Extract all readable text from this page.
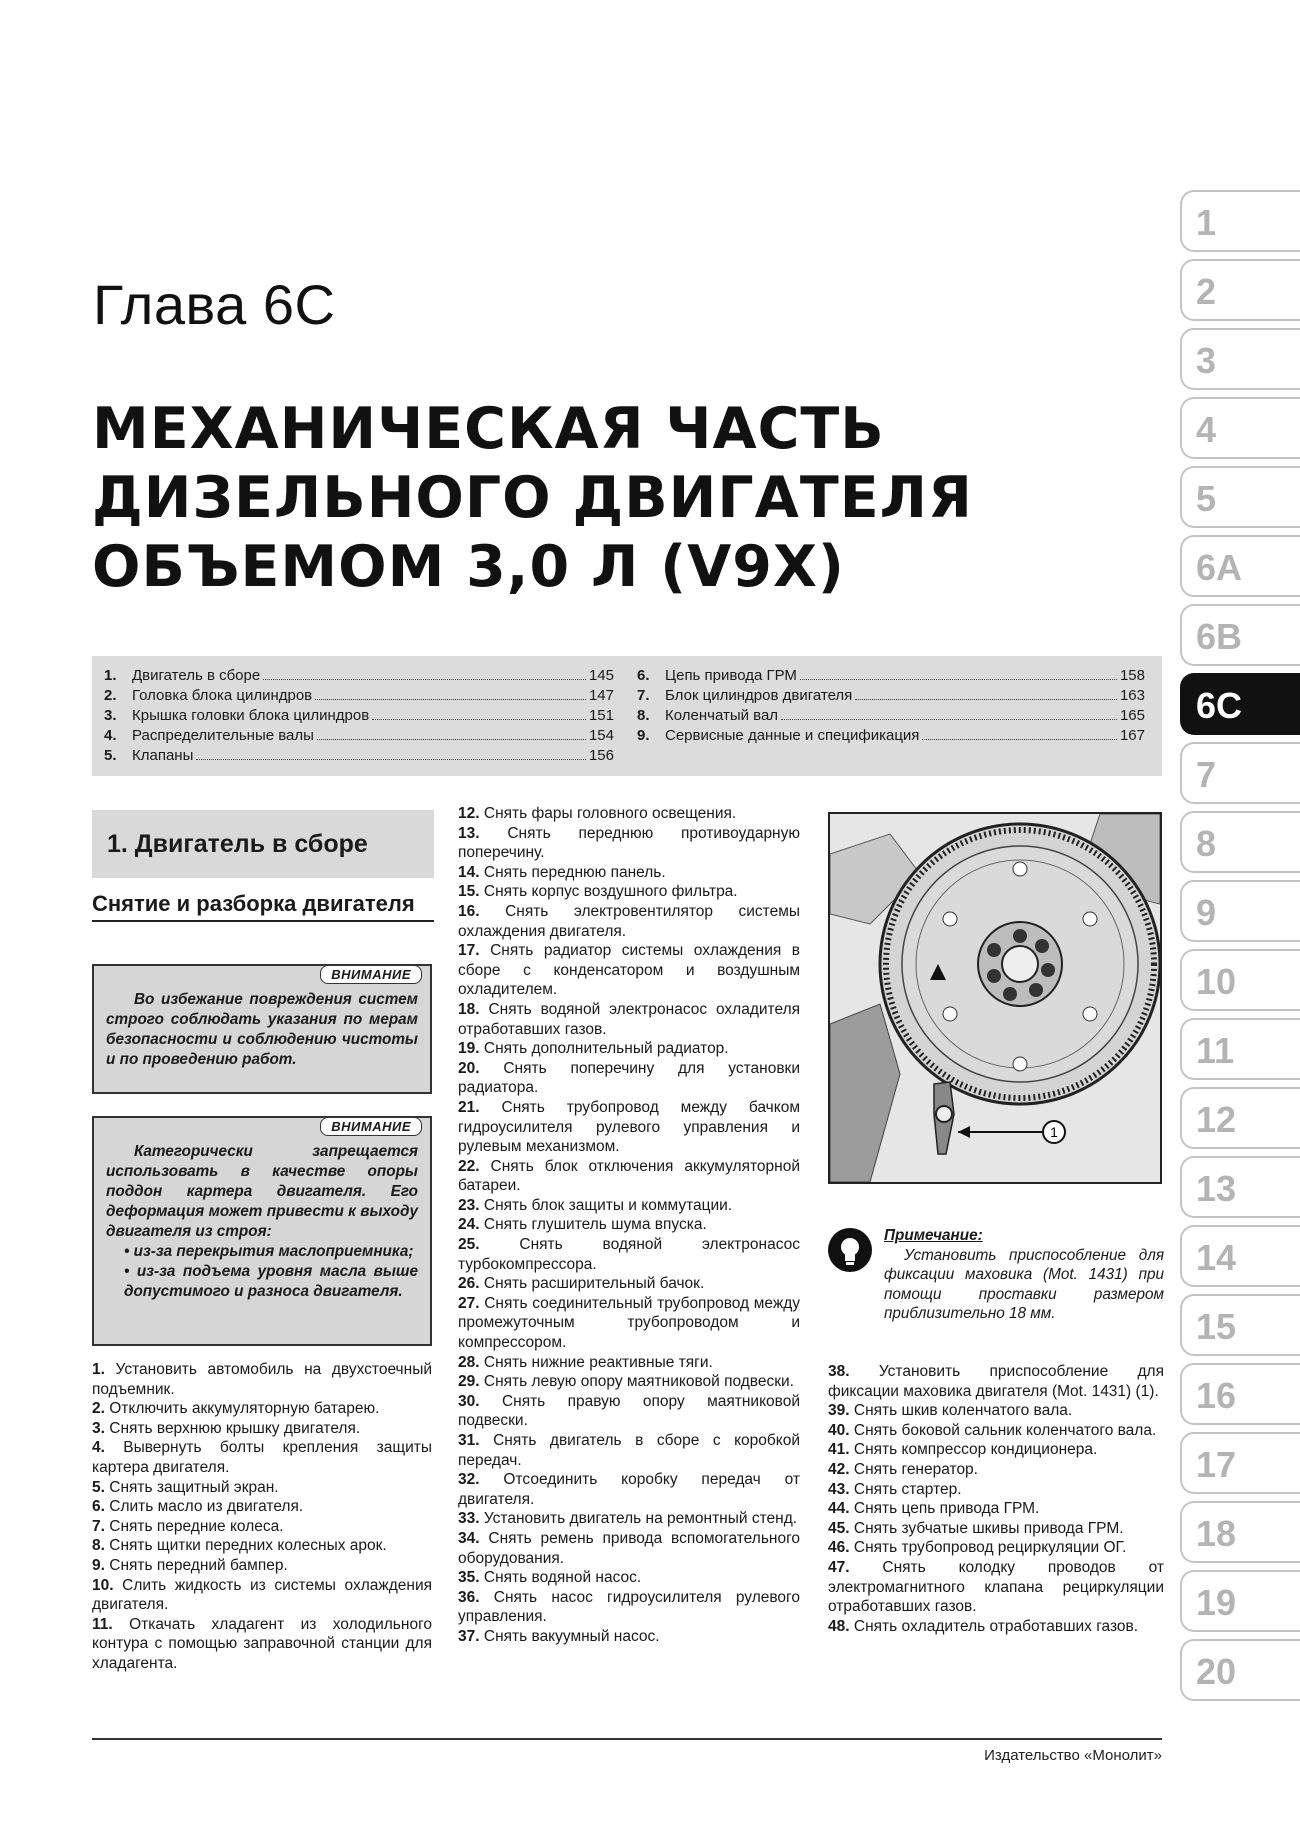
Глава 6С
МЕХАНИЧЕСКАЯ ЧАСТЬ
ДИЗЕЛЬНОГО ДВИГАТЕЛЯ
ОБЪЕМОМ 3,0 Л (V9X)
1.	Двигатель в сборе	145
2.	Головка блока цилиндров	147
3.	Крышка головки блока цилиндров	151
4.	Распределительные валы	154
5.	Клапаны	156
6.	Цепь привода ГРМ	158
7.	Блок цилиндров двигателя	163
8.	Коленчатый вал	165
9.	Сервисные данные и спецификация	167
1
2
3
4
5
6A
6B
6C
7
8
9
10
11
12
13
14
15
16
17
18
19
20
1. Двигатель в сборе
Снятие и разборка двигателя
ВНИМАНИЕ
Во избежание повреждения систем строго соблюдать указания по мерам безопасности и соблюдению чистоты и по проведению работ.
ВНИМАНИЕ

Категорически запрещается использовать в качестве опоры поддон картера двигателя. Его деформация может привести к выходу двигателя из строя:

• из-за перекрытия маслоприемника;

• из-за подъема уровня масла выше допустимого и разноса двигателя.

1. Установить автомобиль на двухстоечный подъемник.

2. Отключить аккумуляторную батарею.

3. Снять верхнюю крышку двигателя.

4. Вывернуть болты крепления защиты картера двигателя.

5. Снять защитный экран.

6. Слить масло из двигателя.

7. Снять передние колеса.

8. Снять щитки передних колесных арок.

9. Снять передний бампер.

10. Слить жидкость из системы охлаждения двигателя.

11. Откачать хладагент из холодильного контура с помощью заправочной станции для хладагента.

12. Снять фары головного освещения.

13. Снять переднюю противоударную поперечину.

14. Снять переднюю панель.

15. Снять корпус воздушного фильтра.

16. Снять электровентилятор системы охлаждения двигателя.

17. Снять радиатор системы охлаждения в сборе с конденсатором и воздушным охладителем.

18. Снять водяной электронасос охладителя отработавших газов.

19. Снять дополнительный радиатор.

20. Снять поперечину для установки радиатора.

21. Снять трубопровод между бачком гидроусилителя рулевого управления и рулевым механизмом.

22. Снять блок отключения аккумуляторной батареи.

23. Снять блок защиты и коммутации.

24. Снять глушитель шума впуска.

25.	Снять водяной электронасос турбокомпрессора.

26. Снять расширительный бачок.

27. Снять соединительный трубопровод между промежуточным трубопроводом и компрессором.

28. Снять нижние реактивные тяги.

29. Снять левую опору маятниковой подвески.

30. Снять правую опору маятниковой подвески.

31. Снять двигатель в сборе с коробкой передач.

32. Отсоединить коробку передач от двигателя.

33. Установить двигатель на ремонтный стенд.

34. Снять ремень привода вспомогательного оборудования.

35. Снять водяной насос.

36. Снять насос гидроусилителя рулевого управления.

37. Снять вакуумный насос.

1
Примечание:
Установить приспособление для фиксации маховика (Mot. 1431) при помощи проставки размером приблизительно 18 мм.

38. Установить приспособление для фиксации маховика двигателя (Mot. 1431) (1).

39. Снять шкив коленчатого вала.

40. Снять боковой сальник коленчатого вала.

41. Снять компрессор кондиционера.

42. Снять генератор.

43. Снять стартер.

44. Снять цепь привода ГРМ.

45. Снять зубчатые шкивы привода ГРМ.

46. Снять трубопровод рециркуляции ОГ.

47. Снять колодку проводов от электромагнитного клапана рециркуляции отработавших газов.

48. Снять охладитель отработавших газов.

Издательство «Монолит»
